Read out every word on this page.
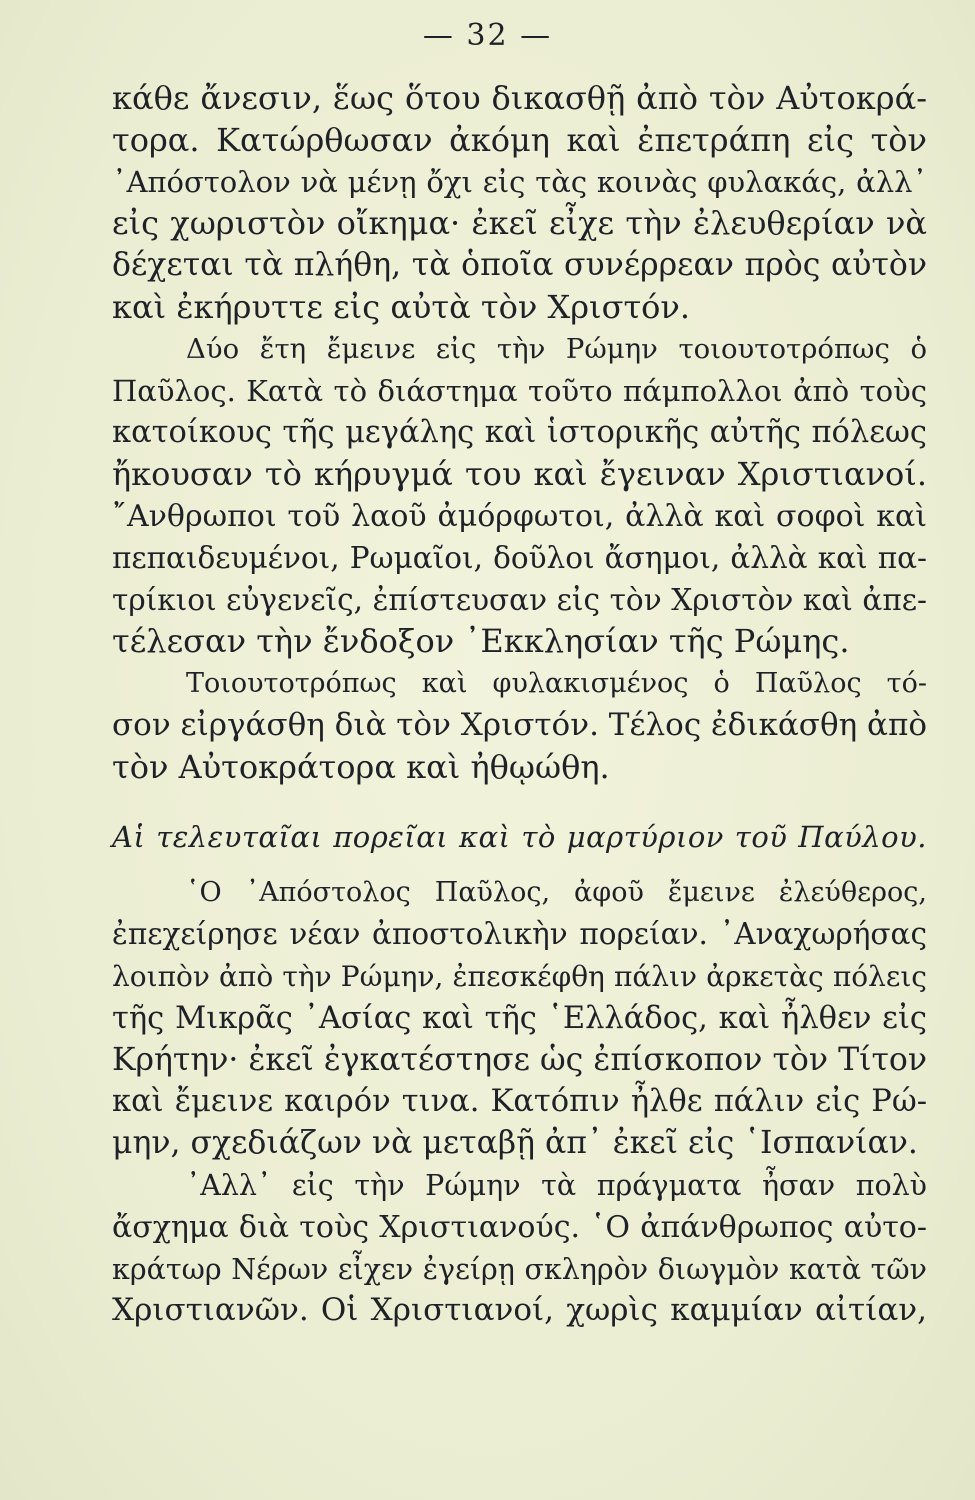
— 32 —
κάθε ἄνεσιν, ἕως ὅτου δικασθῇ ἀπὸ τὸν Αὐτοκρά-
τορα. Κατώρθωσαν ἀκόμη καὶ ἐπετράπη εἰς τὸν
᾿Απόστολον νὰ μένῃ ὄχι εἰς τὰς κοινὰς φυλακάς, ἀλλ᾿
εἰς χωριστὸν οἴκημα· ἐκεῖ εἶχε τὴν ἐλευθερίαν νὰ
δέχεται τὰ πλήθη, τὰ ὁποῖα συνέρρεαν πρὸς αὐτὸν
καὶ ἐκήρυττε εἰς αὐτὰ τὸν Χριστόν.
Δύο ἔτη ἔμεινε εἰς τὴν Ρώμην τοιουτοτρόπως ὁ
Παῦλος. Κατὰ τὸ διάστημα τοῦτο πάμπολλοι ἀπὸ τοὺς
κατοίκους τῆς μεγάλης καὶ ἱστορικῆς αὐτῆς πόλεως
ἤκουσαν τὸ κήρυγμά του καὶ ἔγειναν Χριστιανοί.
῎Ανθρωποι τοῦ λαοῦ ἀμόρφωτοι, ἀλλὰ καὶ σοφοὶ καὶ
πεπαιδευμένοι, Ρωμαῖοι, δοῦλοι ἄσημοι, ἀλλὰ καὶ πα-
τρίκιοι εὐγενεῖς, ἐπίστευσαν εἰς τὸν Χριστὸν καὶ ἀπε-
τέλεσαν τὴν ἔνδοξον ᾿Εκκλησίαν τῆς Ρώμης.
Τοιουτοτρόπως καὶ φυλακισμένος ὁ Παῦλος τό-
σον εἰργάσθη διὰ τὸν Χριστόν. Τέλος ἐδικάσθη ἀπὸ
τὸν Αὐτοκράτορα καὶ ἠθῳώθη.
Αἱ τελευταῖαι πορεῖαι καὶ τὸ μαρτύριον τοῦ Παύλου.
῾Ο ᾿Απόστολος Παῦλος, ἀφοῦ ἔμεινε ἐλεύθερος,
ἐπεχείρησε νέαν ἀποστολικὴν πορείαν. ᾿Αναχωρήσας
λοιπὸν ἀπὸ τὴν Ρώμην, ἐπεσκέφθη πάλιν ἀρκετὰς πόλεις
τῆς Μικρᾶς ᾿Ασίας καὶ τῆς ῾Ελλάδος, καὶ ἦλθεν εἰς
Κρήτην· ἐκεῖ ἐγκατέστησε ὡς ἐπίσκοπον τὸν Τίτον
καὶ ἔμεινε καιρόν τινα. Κατόπιν ἦλθε πάλιν εἰς Ρώ-
μην, σχεδιάζων νὰ μεταβῇ ἀπ᾿ ἐκεῖ εἰς ῾Ισπανίαν.
᾿Αλλ᾿ εἰς τὴν Ρώμην τὰ πράγματα ἦσαν πολὺ
ἄσχημα διὰ τοὺς Χριστιανούς. ῾Ο ἀπάνθρωπος αὐτο-
κράτωρ Νέρων εἶχεν ἐγείρῃ σκληρὸν διωγμὸν κατὰ τῶν
Χριστιανῶν. Οἱ Χριστιανοί, χωρὶς καμμίαν αἰτίαν,
